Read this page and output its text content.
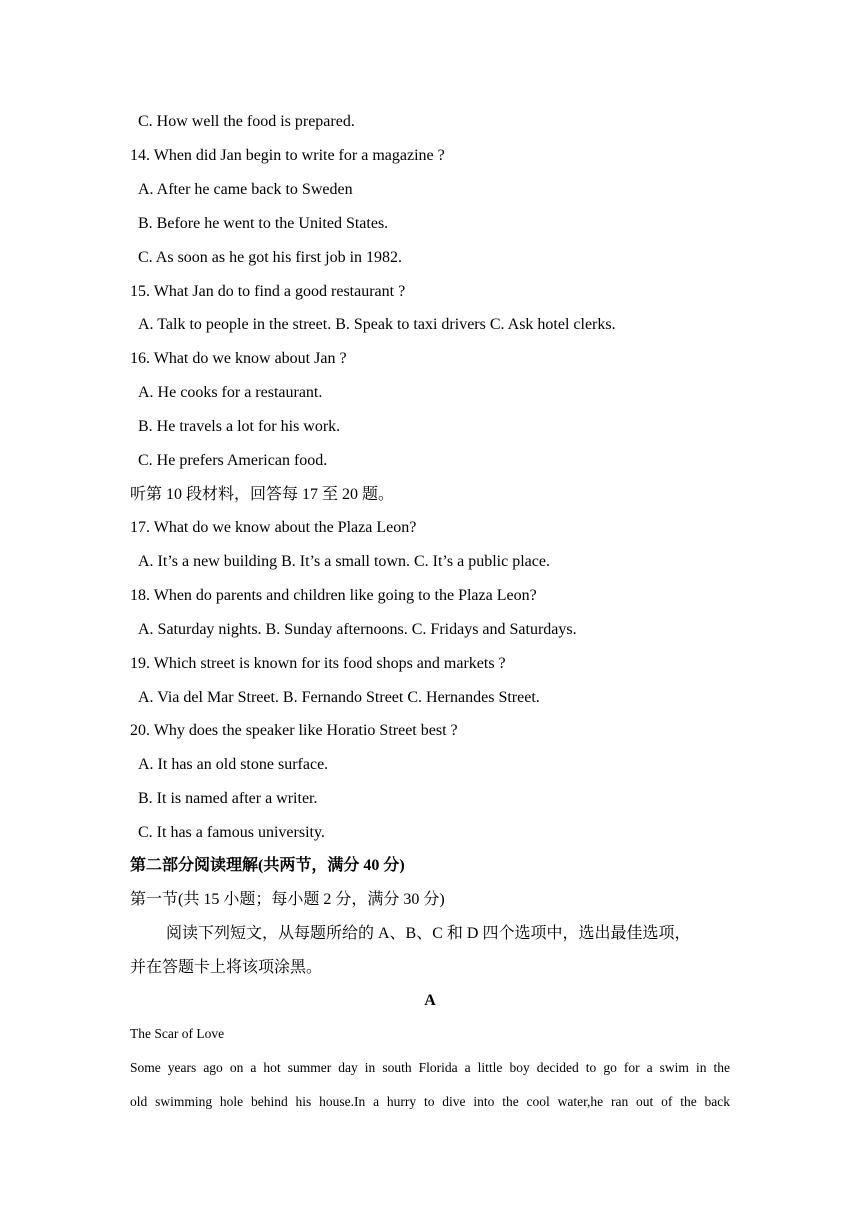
C. How well the food is prepared.
14. When did Jan begin to write for a magazine ?
A. After he came back to Sweden
B. Before he went to the United States.
C. As soon as he got his first job in 1982.
15. What Jan do to find a good restaurant ?
A. Talk to people in the street. B. Speak to taxi drivers C. Ask hotel clerks.
16. What do we know about Jan ?
A. He cooks for a restaurant.
B. He travels a lot for his work.
C. He prefers American food.
听第 10 段材料，回答每 17 至 20 题。
17. What do we know about the Plaza Leon?
A. It’s a new building B. It’s a small town. C. It’s a public place.
18. When do parents and children like going to the Plaza Leon?
A. Saturday nights. B. Sunday afternoons. C. Fridays and Saturdays.
19. Which street is known for its food shops and markets ?
A. Via del Mar Street. B. Fernando Street C. Hernandes Street.
20. Why does the speaker like Horatio Street best ?
A. It has an old stone surface.
B. It is named after a writer.
C. It has a famous university.
第二部分阅读理解(共两节，满分 40 分)
第一节(共 15 小题；每小题 2 分，满分 30 分)
阅读下列短文，从每题所给的 A、B、C 和 D 四个选项中，选出最佳选项，
并在答题卡上将该项涂黑。
A
The Scar of Love
Some years ago on a hot summer day in south Florida a little boy decided to go for a swim in the
old swimming hole behind his house.In a hurry to dive into the cool water,he ran out of the back
